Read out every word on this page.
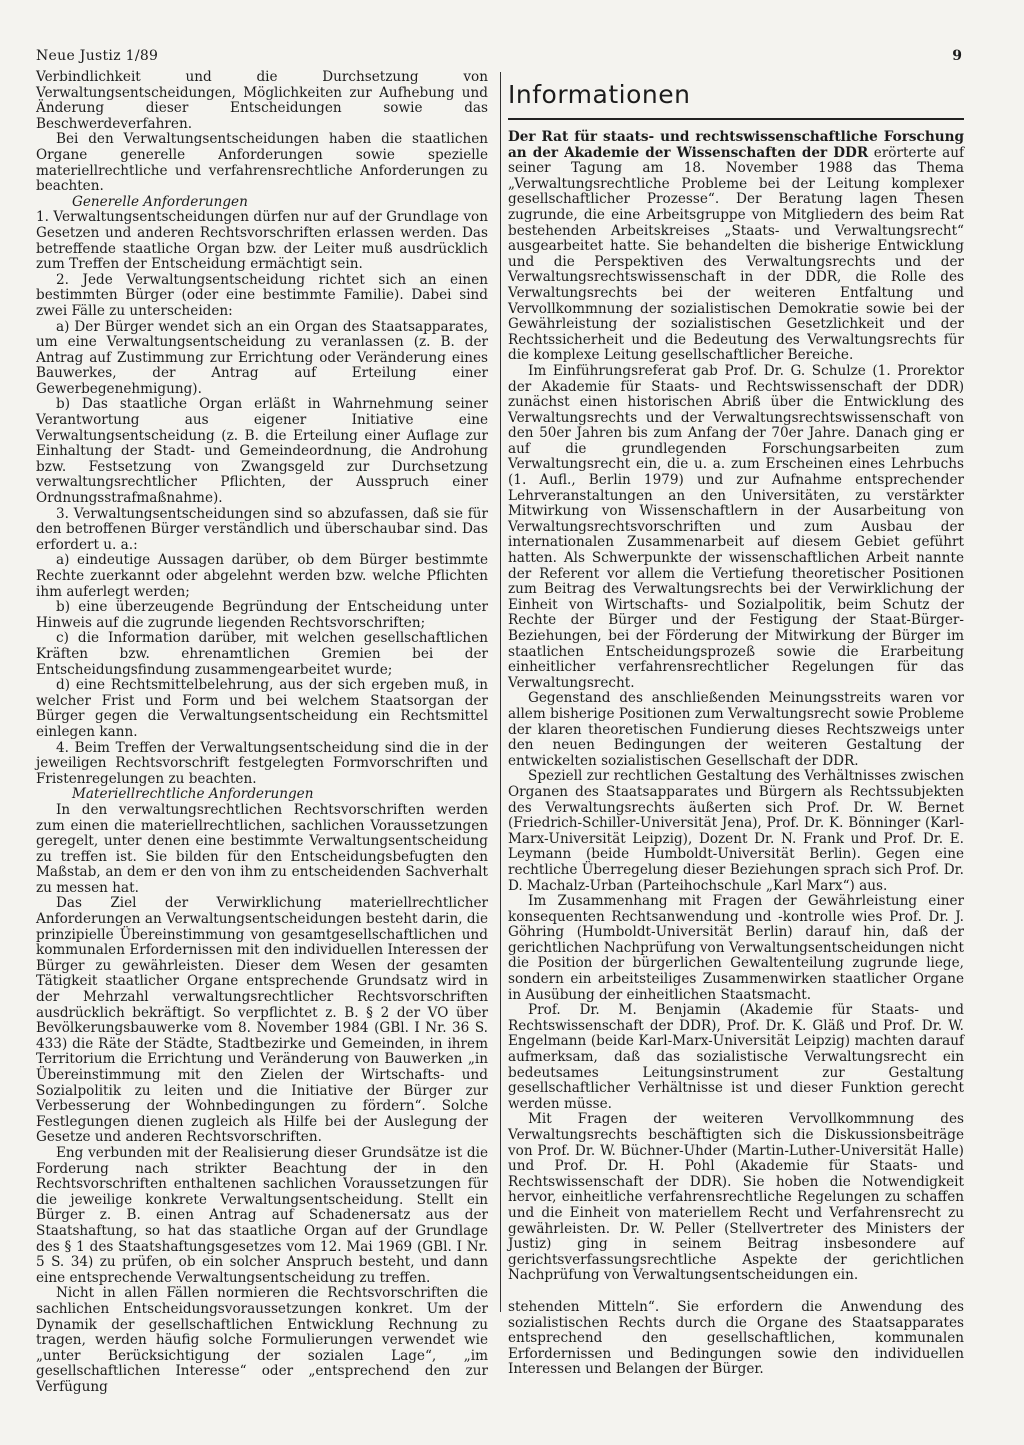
Neue Justiz 1/89	9

Verbindlichkeit und die Durchsetzung von Verwaltungsentscheidungen, Möglichkeiten zur Aufhebung und Änderung dieser Entscheidungen sowie das Beschwerdeverfahren.

Bei den Verwaltungsentscheidungen haben die staatlichen Organe generelle Anforderungen sowie spezielle materiellrechtliche und verfahrensrechtliche Anforderungen zu beachten.

Generelle Anforderungen

1. Verwaltungsentscheidungen dürfen nur auf der Grundlage von Gesetzen und anderen Rechtsvorschriften erlassen werden. Das betreffende staatliche Organ bzw. der Leiter muß ausdrücklich zum Treffen der Entscheidung ermächtigt sein.

2. Jede Verwaltungsentscheidung richtet sich an einen bestimmten Bürger (oder eine bestimmte Familie). Dabei sind zwei Fälle zu unterscheiden:

a) Der Bürger wendet sich an ein Organ des Staatsapparates, um eine Verwaltungsentscheidung zu veranlassen (z. B. der Antrag auf Zustimmung zur Errichtung oder Veränderung eines Bauwerkes, der Antrag auf Erteilung einer Gewerbegenehmigung).

b) Das staatliche Organ erläßt in Wahrnehmung seiner Verantwortung aus eigener Initiative eine Verwaltungsentscheidung (z. B. die Erteilung einer Auflage zur Einhaltung der Stadt- und Gemeindeordnung, die Androhung bzw. Festsetzung von Zwangsgeld zur Durchsetzung verwaltungsrechtlicher Pflichten, der Ausspruch einer Ordnungsstrafmaßnahme).

3. Verwaltungsentscheidungen sind so abzufassen, daß sie für den betroffenen Bürger verständlich und überschaubar sind. Das erfordert u. a.:

a) eindeutige Aussagen darüber, ob dem Bürger bestimmte Rechte zuerkannt oder abgelehnt werden bzw. welche Pflichten ihm auferlegt werden;

b) eine überzeugende Begründung der Entscheidung unter Hinweis auf die zugrunde liegenden Rechtsvorschriften;

c) die Information darüber, mit welchen gesellschaftlichen Kräften bzw. ehrenamtlichen Gremien bei der Entscheidungsfindung zusammengearbeitet wurde;

d) eine Rechtsmittelbelehrung, aus der sich ergeben muß, in welcher Frist und Form und bei welchem Staatsorgan der Bürger gegen die Verwaltungsentscheidung ein Rechtsmittel einlegen kann.

4. Beim Treffen der Verwaltungsentscheidung sind die in der jeweiligen Rechtsvorschrift festgelegten Formvorschriften und Fristenregelungen zu beachten.

Materiellrechtliche Anforderungen

In den verwaltungsrechtlichen Rechtsvorschriften werden zum einen die materiellrechtlichen, sachlichen Voraussetzungen geregelt, unter denen eine bestimmte Verwaltungsentscheidung zu treffen ist. Sie bilden für den Entscheidungsbefugten den Maßstab, an dem er den von ihm zu entscheidenden Sachverhalt zu messen hat.

Das Ziel der Verwirklichung materiellrechtlicher Anforderungen an Verwaltungsentscheidungen besteht darin, die prinzipielle Übereinstimmung von gesamtgesellschaftlichen und kommunalen Erfordernissen mit den individuellen Interessen der Bürger zu gewährleisten. Dieser dem Wesen der gesamten Tätigkeit staatlicher Organe entsprechende Grundsatz wird in der Mehrzahl verwaltungsrechtlicher Rechtsvorschriften ausdrücklich bekräftigt. So verpflichtet z. B. § 2 der VO über Bevölkerungsbauwerke vom 8. November 1984 (GBl. I Nr. 36 S. 433) die Räte der Städte, Stadtbezirke und Gemeinden, in ihrem Territorium die Errichtung und Veränderung von Bauwerken „in Übereinstimmung mit den Zielen der Wirtschafts- und Sozialpolitik zu leiten und die Initiative der Bürger zur Verbesserung der Wohnbedingungen zu fördern“. Solche Festlegungen dienen zugleich als Hilfe bei der Auslegung der Gesetze und anderen Rechtsvorschriften.

Eng verbunden mit der Realisierung dieser Grundsätze ist die Forderung nach strikter Beachtung der in den Rechtsvorschriften enthaltenen sachlichen Voraussetzungen für die jeweilige konkrete Verwaltungsentscheidung. Stellt ein Bürger z. B. einen Antrag auf Schadenersatz aus der Staatshaftung, so hat das staatliche Organ auf der Grundlage des § 1 des Staatshaftungsgesetzes vom 12. Mai 1969 (GBl. I Nr. 5 S. 34) zu prüfen, ob ein solcher Anspruch besteht, und dann eine entsprechende Verwaltungsentscheidung zu treffen.

Nicht in allen Fällen normieren die Rechtsvorschriften die sachlichen Entscheidungsvoraussetzungen konkret. Um der Dynamik der gesellschaftlichen Entwicklung Rechnung zu tragen, werden häufig solche Formulierungen verwendet wie „unter Berücksichtigung der sozialen Lage“, „im gesellschaftlichen Interesse“ oder „entsprechend den zur Verfügung

Informationen

Der Rat für staats- und rechtswissenschaftliche Forschung an der Akademie der Wissenschaften der DDR erörterte auf seiner Tagung am 18. November 1988 das Thema „Verwaltungsrechtliche Probleme bei der Leitung komplexer gesellschaftlicher Prozesse“. Der Beratung lagen Thesen zugrunde, die eine Arbeitsgruppe von Mitgliedern des beim Rat bestehenden Arbeitskreises „Staats- und Verwaltungsrecht“ ausgearbeitet hatte. Sie behandelten die bisherige Entwicklung und die Perspektiven des Verwaltungsrechts und der Verwaltungsrechtswissenschaft in der DDR, die Rolle des Verwaltungsrechts bei der weiteren Entfaltung und Vervollkommnung der sozialistischen Demokratie sowie bei der Gewährleistung der sozialistischen Gesetzlichkeit und der Rechtssicherheit und die Bedeutung des Verwaltungsrechts für die komplexe Leitung gesellschaftlicher Bereiche.

Im Einführungsreferat gab Prof. Dr. G. Schulze (1. Prorektor der Akademie für Staats- und Rechtswissenschaft der DDR) zunächst einen historischen Abriß über die Entwicklung des Verwaltungsrechts und der Verwaltungsrechtswissenschaft von den 50er Jahren bis zum Anfang der 70er Jahre. Danach ging er auf die grundlegenden Forschungsarbeiten zum Verwaltungsrecht ein, die u. a. zum Erscheinen eines Lehrbuchs (1. Aufl., Berlin 1979) und zur Aufnahme entsprechender Lehrveranstaltungen an den Universitäten, zu verstärkter Mitwirkung von Wissenschaftlern in der Ausarbeitung von Verwaltungsrechtsvorschriften und zum Ausbau der internationalen Zusammenarbeit auf diesem Gebiet geführt hatten. Als Schwerpunkte der wissenschaftlichen Arbeit nannte der Referent vor allem die Vertiefung theoretischer Positionen zum Beitrag des Verwaltungsrechts bei der Verwirklichung der Einheit von Wirtschafts- und Sozialpolitik, beim Schutz der Rechte der Bürger und der Festigung der Staat-Bürger-Beziehungen, bei der Förderung der Mitwirkung der Bürger im staatlichen Entscheidungsprozeß sowie die Erarbeitung einheitlicher verfahrensrechtlicher Regelungen für das Verwaltungsrecht.

Gegenstand des anschließenden Meinungsstreits waren vor allem bisherige Positionen zum Verwaltungsrecht sowie Probleme der klaren theoretischen Fundierung dieses Rechtszweigs unter den neuen Bedingungen der weiteren Gestaltung der entwickelten sozialistischen Gesellschaft der DDR.

Speziell zur rechtlichen Gestaltung des Verhältnisses zwischen Organen des Staatsapparates und Bürgern als Rechtssubjekten des Verwaltungsrechts äußerten sich Prof. Dr. W. Bernet (Friedrich-Schiller-Universität Jena), Prof. Dr. K. Bönninger (Karl-Marx-Universität Leipzig), Dozent Dr. N. Frank und Prof. Dr. E. Leymann (beide Humboldt-Universität Berlin). Gegen eine rechtliche Überregelung dieser Beziehungen sprach sich Prof. Dr. D. Machalz-Urban (Parteihochschule „Karl Marx“) aus.

Im Zusammenhang mit Fragen der Gewährleistung einer konsequenten Rechtsanwendung und -kontrolle wies Prof. Dr. J. Göhring (Humboldt-Universität Berlin) darauf hin, daß der gerichtlichen Nachprüfung von Verwaltungsentscheidungen nicht die Position der bürgerlichen Gewaltenteilung zugrunde liege, sondern ein arbeitsteiliges Zusammenwirken staatlicher Organe in Ausübung der einheitlichen Staatsmacht.

Prof. Dr. M. Benjamin (Akademie für Staats- und Rechtswissenschaft der DDR), Prof. Dr. K. Gläß und Prof. Dr. W. Engelmann (beide Karl-Marx-Universität Leipzig) machten darauf aufmerksam, daß das sozialistische Verwaltungsrecht ein bedeutsames Leitungsinstrument zur Gestaltung gesellschaftlicher Verhältnisse ist und dieser Funktion gerecht werden müsse.

Mit Fragen der weiteren Vervollkommnung des Verwaltungsrechts beschäftigten sich die Diskussionsbeiträge von Prof. Dr. W. Büchner-Uhder (Martin-Luther-Universität Halle) und Prof. Dr. H. Pohl (Akademie für Staats- und Rechtswissenschaft der DDR). Sie hoben die Notwendigkeit hervor, einheitliche verfahrensrechtliche Regelungen zu schaffen und die Einheit von materiellem Recht und Verfahrensrecht zu gewährleisten. Dr. W. Peller (Stellvertreter des Ministers der Justiz) ging in seinem Beitrag insbesondere auf gerichtsverfassungsrechtliche Aspekte der gerichtlichen Nachprüfung von Verwaltungsentscheidungen ein.

stehenden Mitteln“. Sie erfordern die Anwendung des sozialistischen Rechts durch die Organe des Staatsapparates entsprechend den gesellschaftlichen, kommunalen Erfordernissen und Bedingungen sowie den individuellen Interessen und Belangen der Bürger.
